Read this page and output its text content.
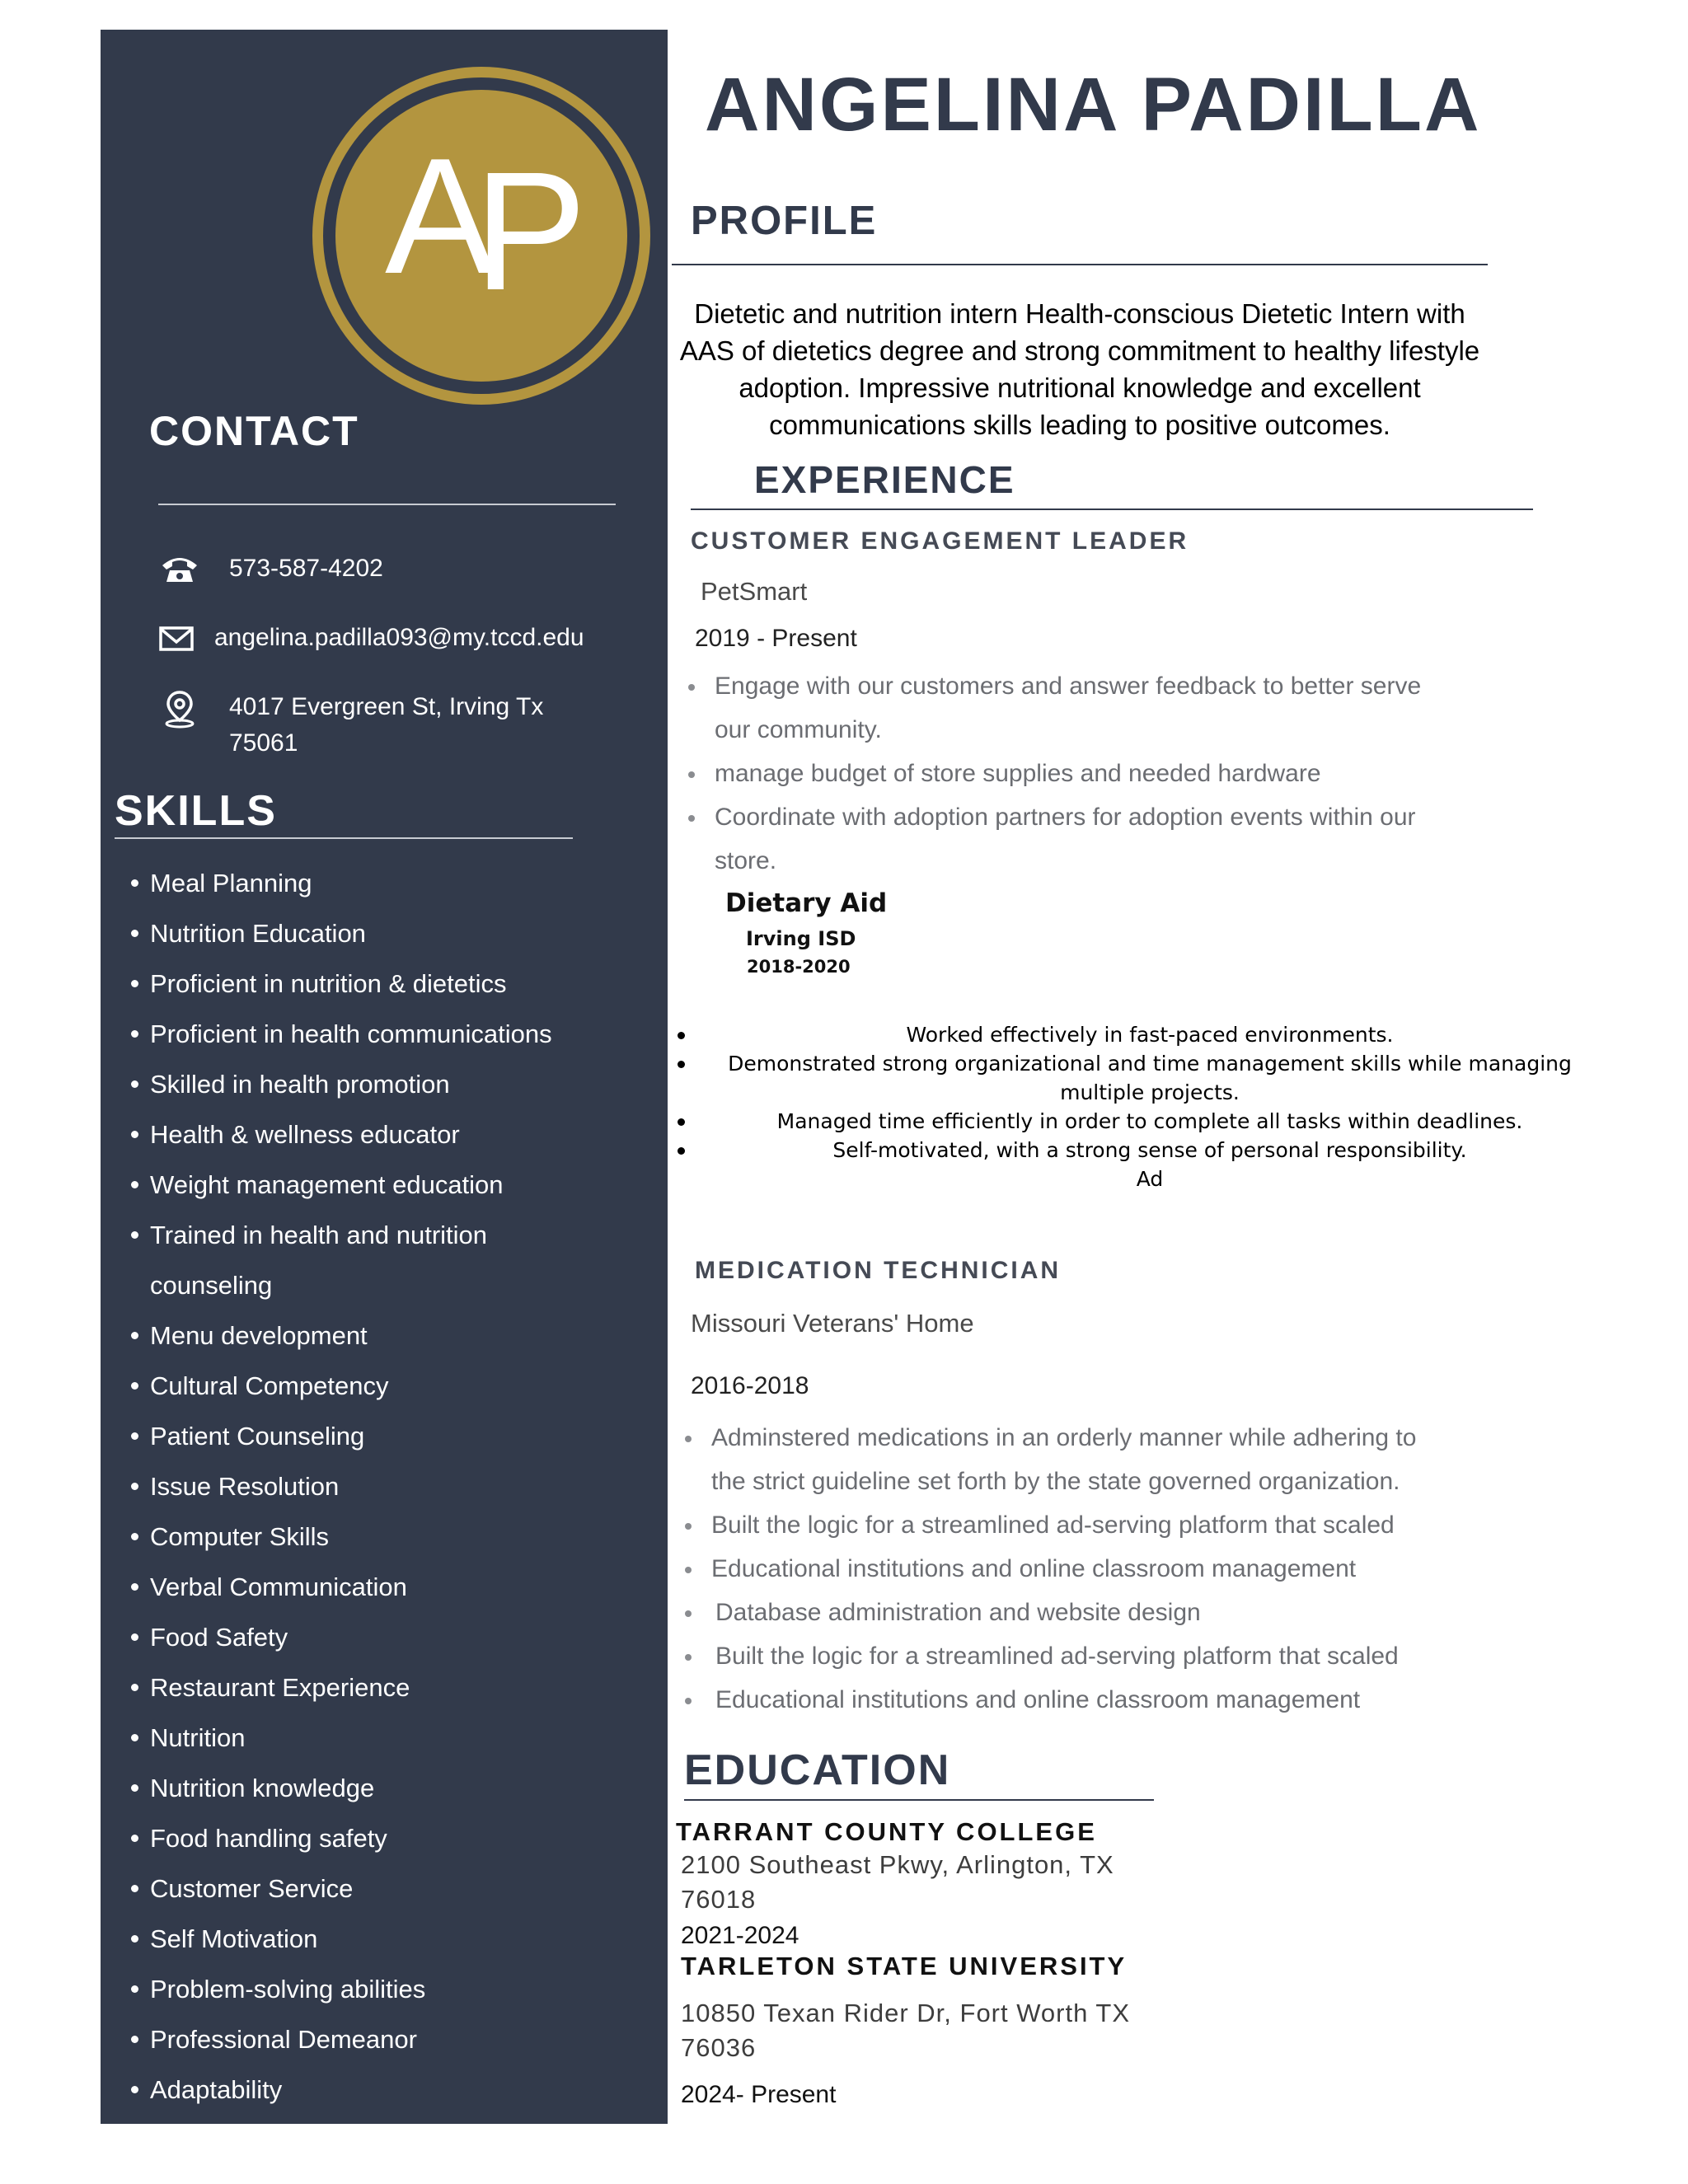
A
P
CONTACT
573-587-4202
angelina.padilla093@my.tccd.edu
4017 Evergreen St, Irving Tx
75061
SKILLS
Meal Planning
Nutrition Education
Proficient in nutrition & dietetics
Proficient in health communications
Skilled in health promotion
Health & wellness educator
Weight management education
Trained in health and nutrition counseling
Menu development
Cultural Competency
Patient Counseling
Issue Resolution
Computer Skills
Verbal Communication
Food Safety
Restaurant Experience
Nutrition
Nutrition knowledge
Food handling safety
Customer Service
Self Motivation
Problem-solving abilities
Professional Demeanor
Adaptability
Continuous Improvement
ANGELINA PADILLA
PROFILE

Dietetic and nutrition intern Health-conscious Dietetic Intern with AAS of dietetics degree and strong commitment to healthy lifestyle adoption. Impressive nutritional knowledge and excellent communications skills leading to positive outcomes.

EXPERIENCE
CUSTOMER ENGAGEMENT LEADER
PetSmart
2019 - Present
Engage with our customers and answer feedback to better serve our community.
manage budget of store supplies and needed hardware
Coordinate with adoption partners for adoption events within our store.
Dietary Aid
Irving ISD
2018-2020
Worked effectively in fast-paced environments.
Demonstrated strong organizational and time management skills while managing multiple projects.
Managed time efficiently in order to complete all tasks within deadlines.
Self-motivated, with a strong sense of personal responsibility.
Ad
MEDICATION TECHNICIAN
Missouri Veterans' Home
2016-2018
Adminstered medications in an orderly manner while adhering to the strict guideline set forth by the state governed organization.
Built the logic for a streamlined ad-serving platform that scaled
Educational institutions and online classroom management
Database administration and website design
Built the logic for a streamlined ad-serving platform that scaled
Educational institutions and online classroom management
EDUCATION
TARRANT COUNTY COLLEGE
2100 Southeast Pkwy, Arlington, TX 76018
2021-2024
TARLETON STATE UNIVERSITY
10850 Texan Rider Dr, Fort Worth TX 76036
2024- Present
